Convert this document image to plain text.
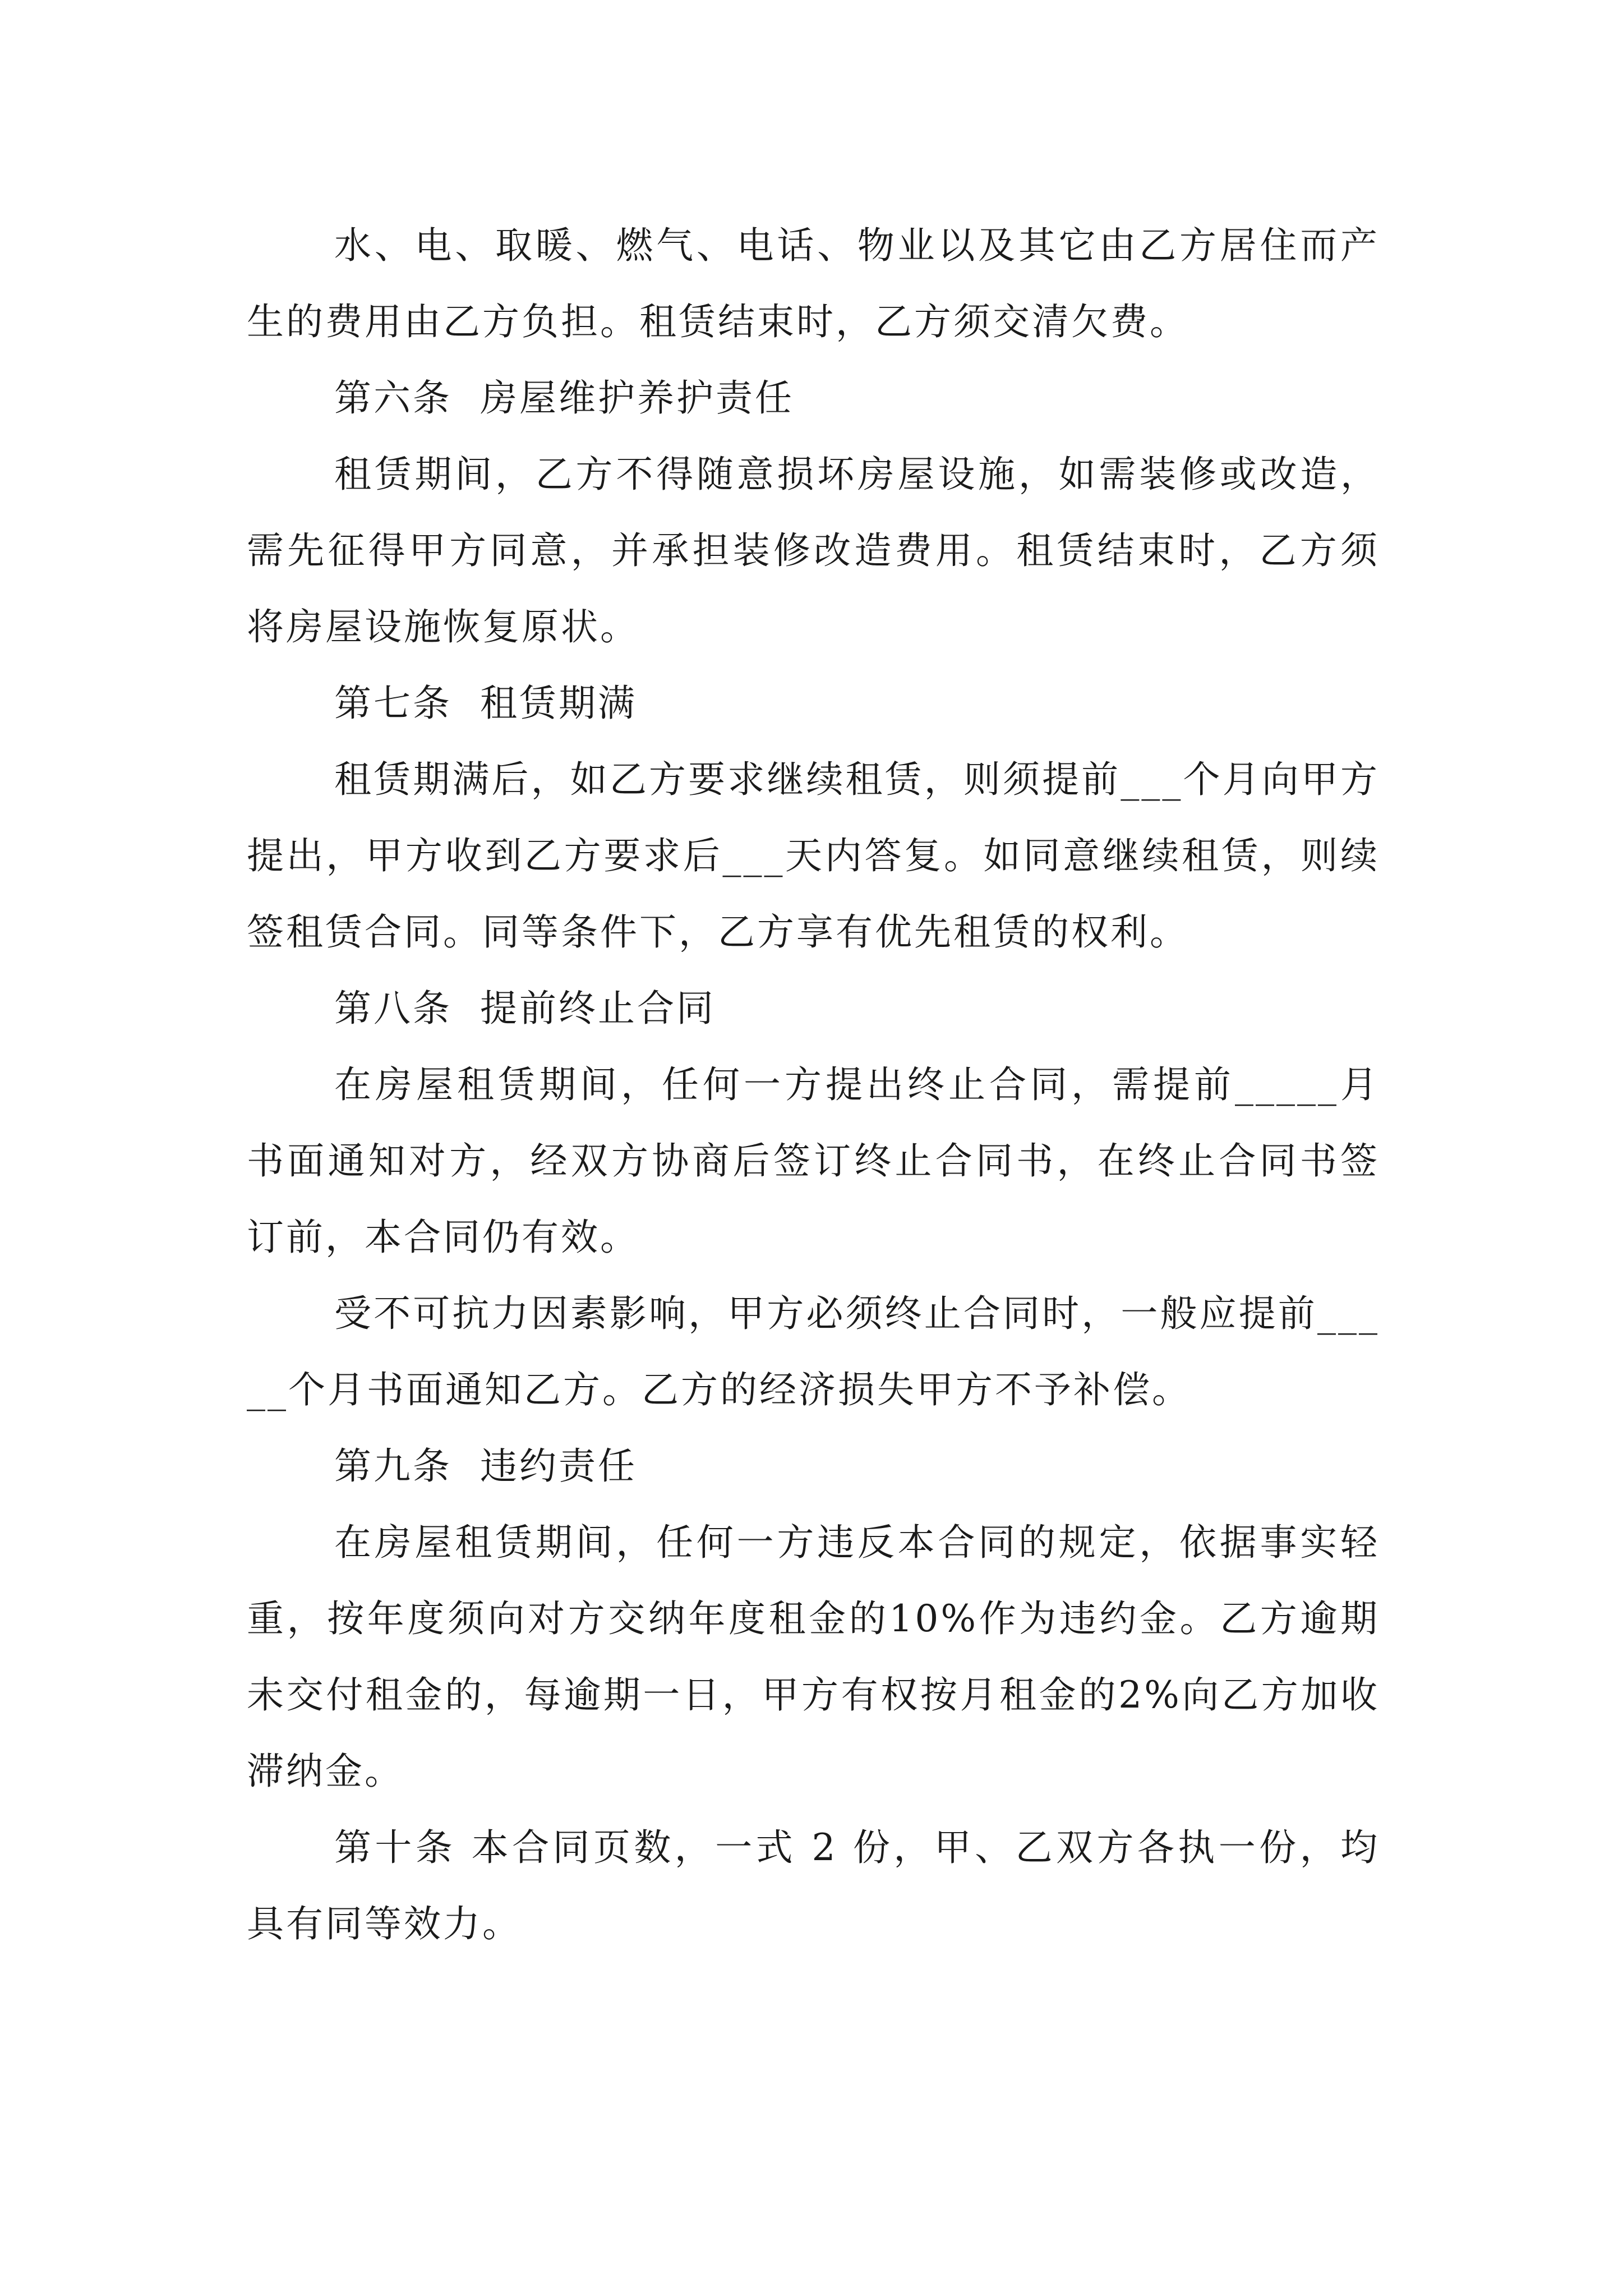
水、电、取暖、燃气、电话、物业以及其它由乙方居住而产生的费用由乙方负担。租赁结束时，乙方须交清欠费。

第六条  房屋维护养护责任

租赁期间，乙方不得随意损坏房屋设施，如需装修或改造，需先征得甲方同意，并承担装修改造费用。租赁结束时，乙方须将房屋设施恢复原状。

第七条  租赁期满

租赁期满后，如乙方要求继续租赁，则须提前___个月向甲方提出，甲方收到乙方要求后___天内答复。如同意继续租赁，则续签租赁合同。同等条件下，乙方享有优先租赁的权利。

第八条  提前终止合同

在房屋租赁期间，任何一方提出终止合同，需提前_____月书面通知对方，经双方协商后签订终止合同书，在终止合同书签订前，本合同仍有效。

受不可抗力因素影响，甲方必须终止合同时，一般应提前_____个月书面通知乙方。乙方的经济损失甲方不予补偿。

第九条  违约责任

在房屋租赁期间，任何一方违反本合同的规定，依据事实轻重，按年度须向对方交纳年度租金的10%作为违约金。乙方逾期未交付租金的，每逾期一日，甲方有权按月租金的2%向乙方加收滞纳金。

第十条 本合同页数，一式 2 份，甲、乙双方各执一份，均具有同等效力。
